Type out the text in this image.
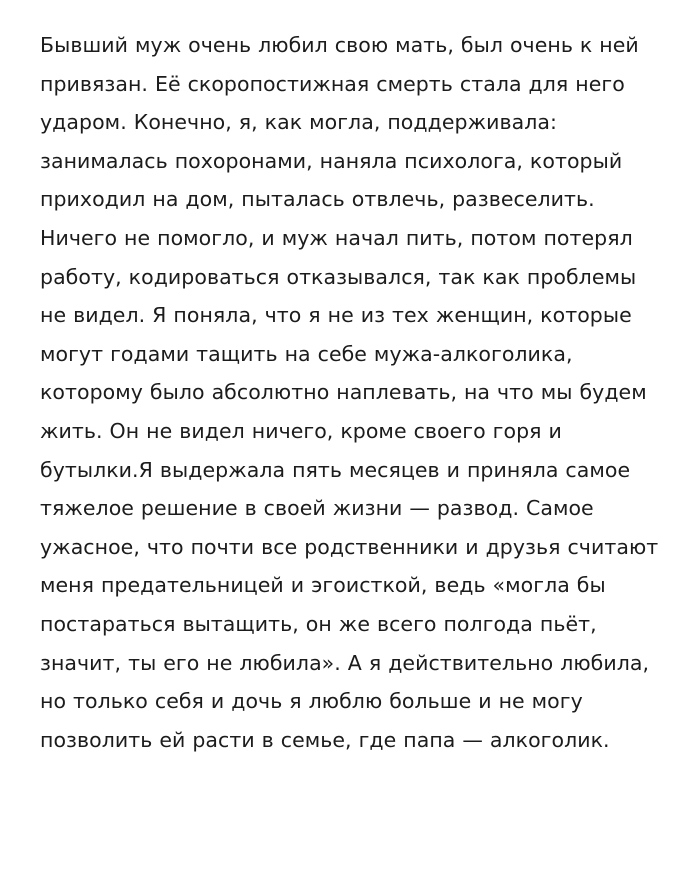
Бывший муж очень любил свою мать, был очень к ней привязан. Её скоропостижная смерть стала для него ударом. Конечно, я, как могла, поддерживала: занималась похоронами, наняла психолога, который приходил на дом, пыталась отвлечь, развеселить. Ничего не помогло, и муж начал пить, потом потерял работу, кодироваться отказывался, так как проблемы не видел. Я поняла, что я не из тех женщин, которые могут годами тащить на себе мужа-алкоголика, которому было абсолютно наплевать, на что мы будем жить. Он не видел ничего, кроме своего горя и бутылки.Я выдержала пять месяцев и приняла самое тяжелое решение в своей жизни — развод. Самое ужасное, что почти все родственники и друзья считают меня предательницей и эгоисткой, ведь «могла бы постараться вытащить, он же всего полгода пьёт, значит, ты его не любила». А я действительно любила, но только себя и дочь я люблю больше и не могу позволить ей расти в семье, где папа — алкоголик.
